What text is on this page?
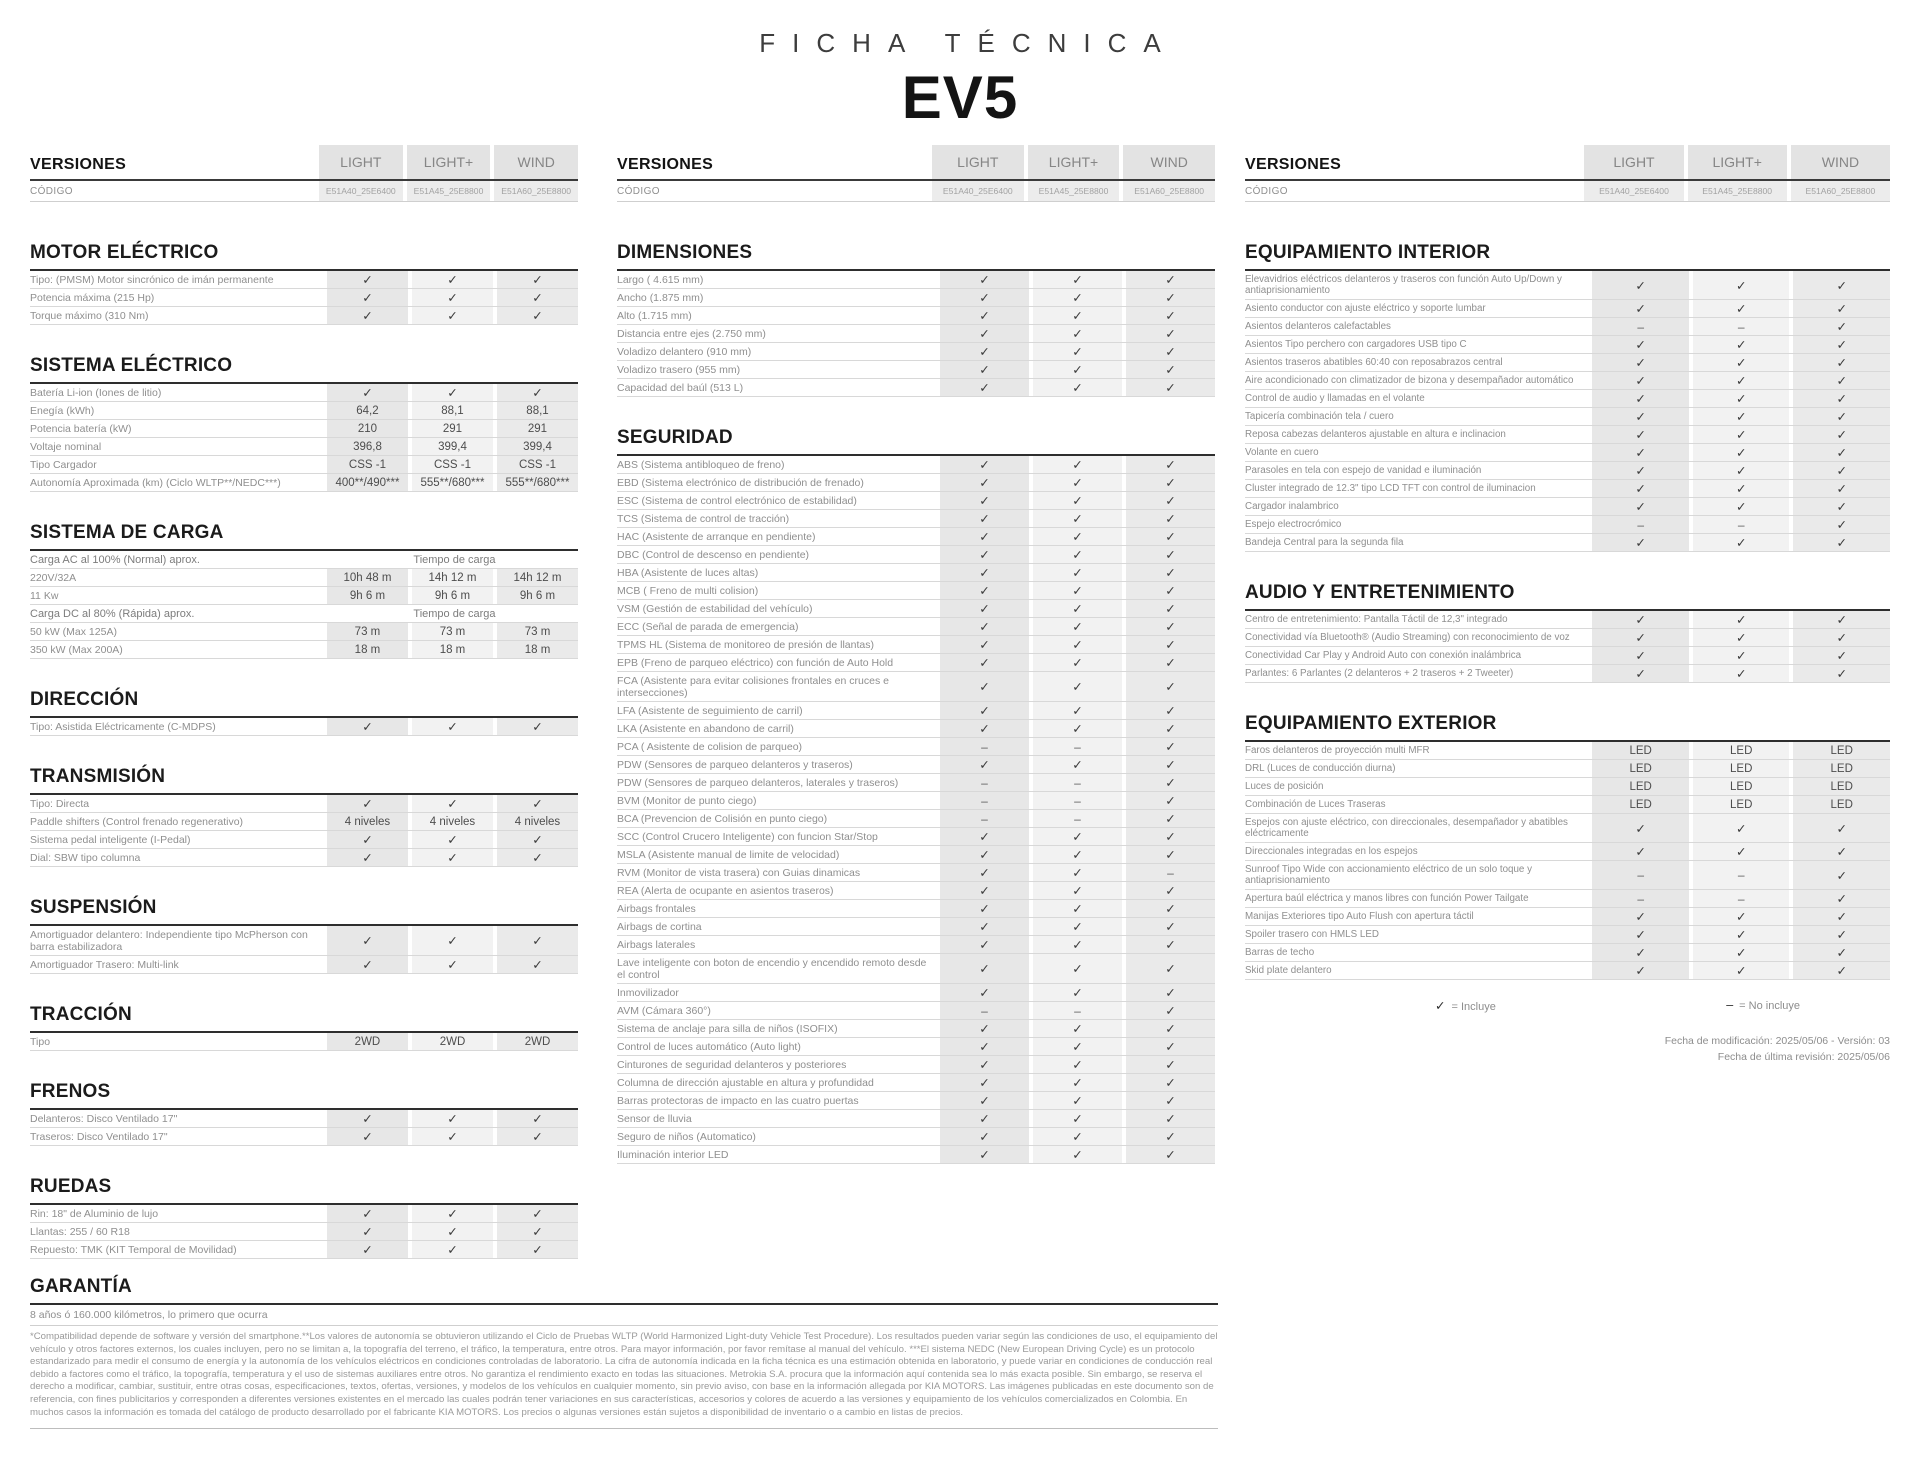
FICHA TÉCNICA
EV5
VERSIONES	LIGHT	LIGHT+	WIND
CÓDIGO	E51A40_25E6400	E51A45_25E8800	E51A60_25E8800
MOTOR ELÉCTRICO
Tipo: (PMSM) Motor sincrónico de imán permanente	✓	✓	✓
Potencia máxima (215 Hp)	✓	✓	✓
Torque máximo (310 Nm)	✓	✓	✓
SISTEMA ELÉCTRICO
Batería Li-ion (Iones de litio)	✓	✓	✓
Enegía (kWh)	64,2	88,1	88,1
Potencia batería (kW)	210	291	291
Voltaje nominal	396,8	399,4	399,4
Tipo Cargador	CSS -1	CSS -1	CSS -1
Autonomía Aproximada (km) (Ciclo WLTP**/NEDC***)	400**/490***	555**/680***	555**/680***
SISTEMA DE CARGA
Carga AC al 100% (Normal) aprox.	Tiempo de carga
220V/32A	10h 48 m	14h 12 m	14h 12 m
11 Kw	9h 6 m	9h 6 m	9h 6 m
Carga DC al 80% (Rápida) aprox.	Tiempo de carga
50 kW (Max 125A)	73 m	73 m	73 m
350 kW (Max 200A)	18 m	18 m	18 m
DIRECCIÓN
Tipo: Asistida Eléctricamente (C-MDPS)	✓	✓	✓
TRANSMISIÓN
Tipo: Directa	✓	✓	✓
Paddle shifters (Control frenado regenerativo)	4 niveles	4 niveles	4 niveles
Sistema pedal inteligente (I-Pedal)	✓	✓	✓
Dial: SBW tipo columna	✓	✓	✓
SUSPENSIÓN
Amortiguador delantero: Independiente tipo McPherson con barra estabilizadora	✓	✓	✓
Amortiguador Trasero: Multi-link	✓	✓	✓
TRACCIÓN
Tipo	2WD	2WD	2WD
FRENOS
Delanteros: Disco Ventilado 17"	✓	✓	✓
Traseros: Disco Ventilado 17"	✓	✓	✓
RUEDAS
Rin: 18" de Aluminio de lujo	✓	✓	✓
Llantas: 255 / 60 R18	✓	✓	✓
Repuesto: TMK (KIT Temporal de Movilidad)	✓	✓	✓
VERSIONES	LIGHT	LIGHT+	WIND
CÓDIGO	E51A40_25E6400	E51A45_25E8800	E51A60_25E8800
DIMENSIONES
Largo ( 4.615 mm)	✓	✓	✓
Ancho (1.875 mm)	✓	✓	✓
Alto (1.715 mm)	✓	✓	✓
Distancia entre ejes (2.750 mm)	✓	✓	✓
Voladizo delantero (910 mm)	✓	✓	✓
Voladizo trasero (955 mm)	✓	✓	✓
Capacidad del baúl (513 L)	✓	✓	✓
SEGURIDAD
ABS (Sistema antibloqueo de freno)	✓	✓	✓
EBD (Sistema electrónico de distribución de frenado)	✓	✓	✓
ESC (Sistema de control electrónico de estabilidad)	✓	✓	✓
TCS (Sistema de control de tracción)	✓	✓	✓
HAC (Asistente de arranque en pendiente)	✓	✓	✓
DBC (Control de descenso en pendiente)	✓	✓	✓
HBA (Asistente de luces altas)	✓	✓	✓
MCB ( Freno de multi colision)	✓	✓	✓
VSM (Gestión de estabilidad del vehículo)	✓	✓	✓
ECC (Señal de parada de emergencia)	✓	✓	✓
TPMS HL (Sistema de monitoreo de presión de llantas)	✓	✓	✓
EPB (Freno de parqueo eléctrico) con función de Auto Hold	✓	✓	✓
FCA (Asistente para evitar colisiones frontales en cruces e intersecciones)	✓	✓	✓
LFA (Asistente de seguimiento de carril)	✓	✓	✓
LKA (Asistente en abandono de carril)	✓	✓	✓
PCA ( Asistente de colision de parqueo)	–	–	✓
PDW (Sensores de parqueo delanteros y traseros)	✓	✓	✓
PDW (Sensores de parqueo delanteros, laterales y traseros)	–	–	✓
BVM (Monitor de punto ciego)	–	–	✓
BCA (Prevencion de Colisión en punto ciego)	–	–	✓
SCC (Control Crucero Inteligente) con funcion Star/Stop	✓	✓	✓
MSLA (Asistente manual de limite de velocidad)	✓	✓	✓
RVM (Monitor de vista trasera) con Guias dinamicas	✓	✓	–
REA (Alerta de ocupante en asientos traseros)	✓	✓	✓
Airbags frontales	✓	✓	✓
Airbags de cortina	✓	✓	✓
Airbags laterales	✓	✓	✓
Lave inteligente con boton de encendio y encendido remoto desde el control	✓	✓	✓
Inmovilizador	✓	✓	✓
AVM (Cámara 360°)	–	–	✓
Sistema de anclaje para silla de niños (ISOFIX)	✓	✓	✓
Control de luces automático (Auto light)	✓	✓	✓
Cinturones de seguridad delanteros y posteriores	✓	✓	✓
Columna de dirección ajustable en altura y profundidad	✓	✓	✓
Barras protectoras de impacto en las cuatro puertas	✓	✓	✓
Sensor de lluvia	✓	✓	✓
Seguro de niños (Automatico)	✓	✓	✓
Iluminación interior LED	✓	✓	✓
VERSIONES	LIGHT	LIGHT+	WIND
CÓDIGO	E51A40_25E6400	E51A45_25E8800	E51A60_25E8800
EQUIPAMIENTO INTERIOR
Elevavidrios eléctricos delanteros y traseros con función Auto Up/Down y antiaprisionamiento	✓	✓	✓
Asiento conductor con ajuste eléctrico y soporte lumbar	✓	✓	✓
Asientos delanteros calefactables	–	–	✓
Asientos Tipo perchero con cargadores USB tipo C	✓	✓	✓
Asientos traseros abatibles 60:40 con reposabrazos central	✓	✓	✓
Aire acondicionado con climatizador de bizona y desempañador automático	✓	✓	✓
Control de audio y llamadas en el volante	✓	✓	✓
Tapicería combinación tela / cuero	✓	✓	✓
Reposa cabezas delanteros ajustable en altura e inclinacion	✓	✓	✓
Volante en cuero	✓	✓	✓
Parasoles en tela con espejo de vanidad e iluminación	✓	✓	✓
Cluster integrado de 12.3" tipo LCD TFT con control de iluminacion	✓	✓	✓
Cargador inalambrico	✓	✓	✓
Espejo electrocrómico	–	–	✓
Bandeja Central para la segunda fila	✓	✓	✓
AUDIO Y ENTRETENIMIENTO
Centro de entretenimiento: Pantalla Táctil de 12,3" integrado	✓	✓	✓
Conectividad vía Bluetooth® (Audio Streaming) con reconocimiento de voz	✓	✓	✓
Conectividad Car Play y Android Auto con conexión inalámbrica	✓	✓	✓
Parlantes: 6 Parlantes (2 delanteros + 2 traseros + 2 Tweeter)	✓	✓	✓
EQUIPAMIENTO EXTERIOR
Faros delanteros de proyección multi MFR	LED	LED	LED
DRL (Luces de conducción diurna)	LED	LED	LED
Luces de posición	LED	LED	LED
Combinación de Luces Traseras	LED	LED	LED
Espejos con ajuste eléctrico, con direccionales, desempañador y abatibles eléctricamente	✓	✓	✓
Direccionales integradas en los espejos	✓	✓	✓
Sunroof Tipo Wide con accionamiento eléctrico de un solo toque y antiaprisionamiento	–	–	✓
Apertura baúl eléctrica y manos libres con función Power Tailgate	–	–	✓
Manijas Exteriores tipo Auto Flush con apertura táctil	✓	✓	✓
Spoiler trasero con HMLS LED	✓	✓	✓
Barras de techo	✓	✓	✓
Skid plate delantero	✓	✓	✓
✓ = Incluye	– = No incluye
Fecha de modificación: 2025/05/06 - Versión: 03
Fecha de última revisión: 2025/05/06
GARANTÍA
8 años ó 160.000 kilómetros, lo primero que ocurra
*Compatibilidad depende de software y versión del smartphone.**Los valores de autonomía se obtuvieron utilizando el Ciclo de Pruebas WLTP (World Harmonized Light-duty Vehicle Test Procedure). Los resultados pueden variar según las condiciones de uso, el equipamiento del vehículo y otros factores externos, los cuales incluyen, pero no se limitan a, la topografía del terreno, el tráfico, la temperatura, entre otros. Para mayor información, por favor remítase al manual del vehículo. ***El sistema NEDC (New European Driving Cycle) es un protocolo estandarizado para medir el consumo de energía y la autonomía de los vehículos eléctricos en condiciones controladas de laboratorio. La cifra de autonomía indicada en la ficha técnica es una estimación obtenida en laboratorio, y puede variar en condiciones de conducción real debido a factores como el tráfico, la topografía, temperatura y el uso de sistemas auxiliares entre otros. No garantiza el rendimiento exacto en todas las situaciones. Metrokia S.A. procura que la información aquí contenida sea lo más exacta posible. Sin embargo, se reserva el derecho a modificar, cambiar, sustituir, entre otras cosas, especificaciones, textos, ofertas, versiones, y modelos de los vehículos en cualquier momento, sin previo aviso, con base en la información allegada por KIA MOTORS. Las imágenes publicadas en este documento son de referencia, con fines publicitarios y corresponden a diferentes versiones existentes en el mercado las cuales podrán tener variaciones en sus características, accesorios y colores de acuerdo a las versiones y equipamiento de los vehículos comercializados en Colombia. En muchos casos la información es tomada del catálogo de producto desarrollado por el fabricante KIA MOTORS. Los precios o algunas versiones están sujetos a disponibilidad de inventario o a cambio en listas de precios.
